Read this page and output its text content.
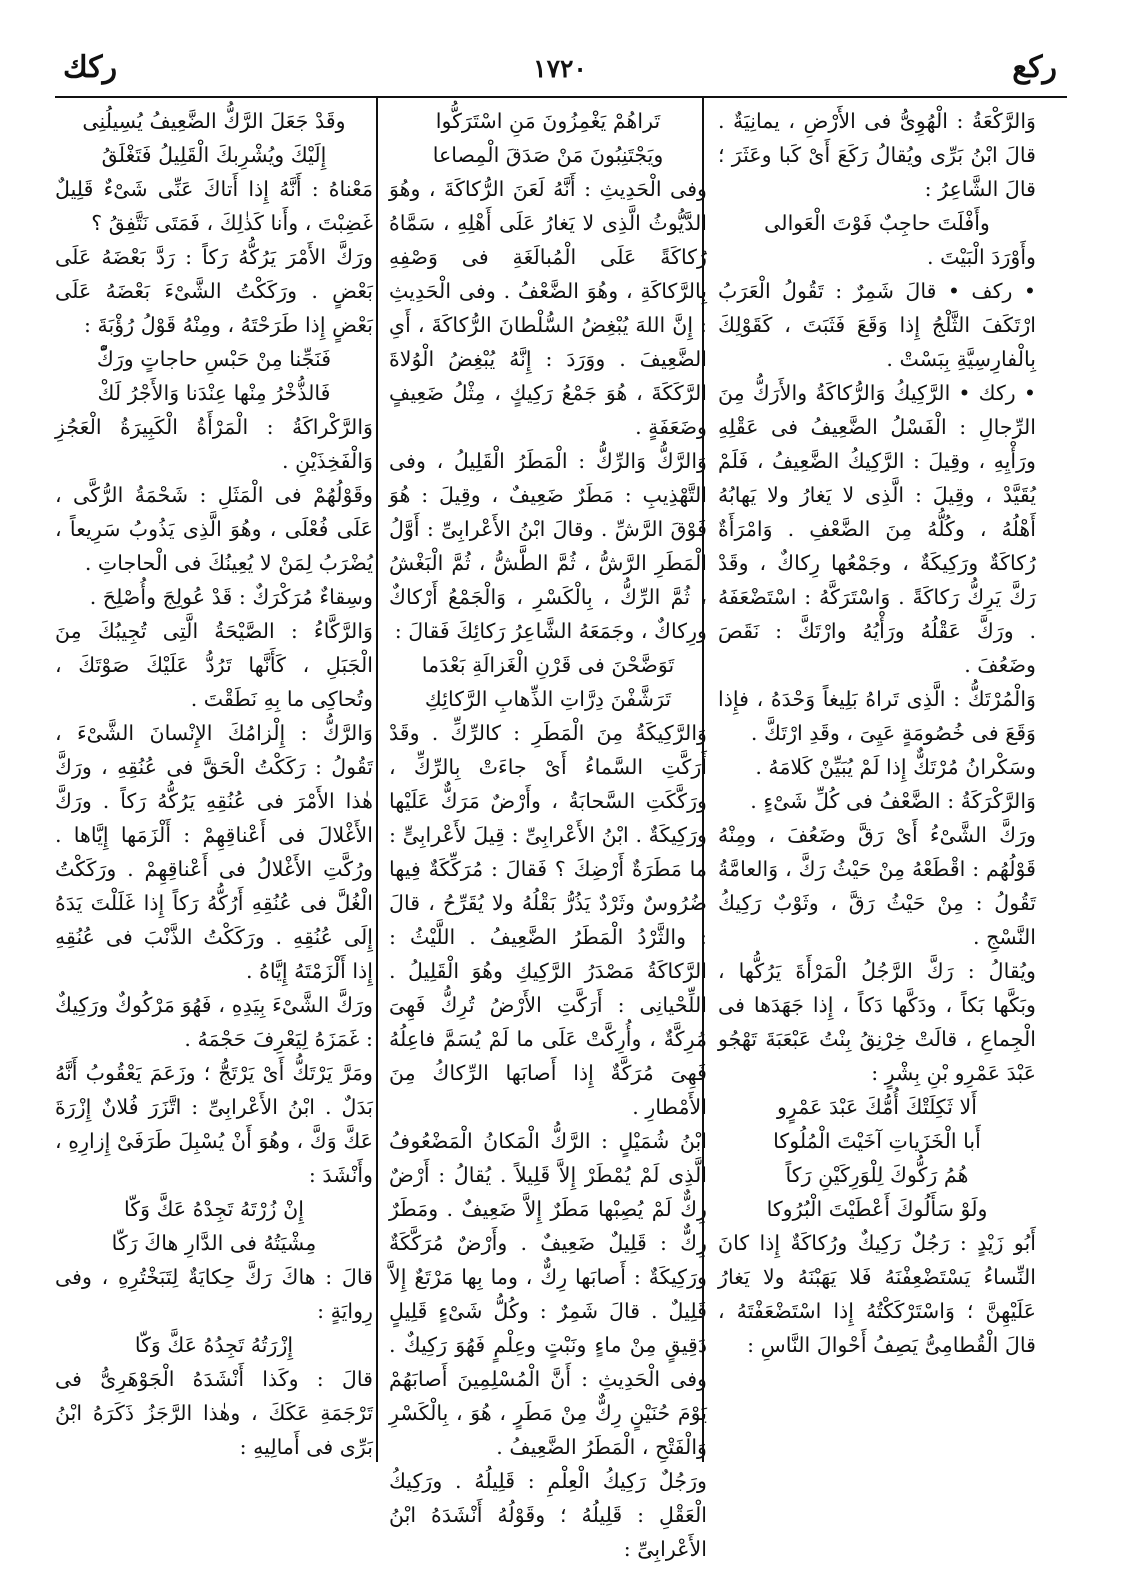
ركك	١٧٢٠	ركع

وَالرَّكْعَةُ : الْهُوِىُّ فى الأَرْضِ ، يمانِيَةٌ . قالَ ابْنُ بَرِّى ويُقالُ رَكَعَ أَىْ كَبا وعَثَرَ ؛ قالَ الشَّاعِرُ :

وأَفْلَتَ حاجِبٌ فَوْتَ الْعَوالى

وأَوْرَدَ الْبَيْتَ .

• ركف • قالَ شَمِرٌ : تَقُولُ الْعَرَبُ ارْتَكَفَ الثَّلْجُ إِذا وَقَعَ فَثَبَتَ ، كَقَوْلِكَ بِالْفارِسِيَّةِ بِبَسْتْ .

• ركك • الرَّكِيكُ وَالرُّكاكَةُ والأَرَكُّ مِنَ الرِّجالِ : الْفَسْلُ الضَّعِيفُ فى عَقْلِهِ ورَأْيِهِ ، وقِيلَ : الرَّكِيكُ الضَّعِيفُ ، فَلَمْ يُقَيَّدْ ، وقِيلَ : الَّذِى لا يَغارُ ولا يَهابُهُ أَهْلُهُ ، وكُلُّهُ مِنَ الضَّعْفِ . وَامْرَأَةٌ رُكاكَةٌ ورَكِيكَةٌ ، وجَمْعُها رِكاكٌ ، وقَدْ رَكَّ يَرِكُّ رَكاكَةً . وَاسْتَرَكَّهُ : اسْتَضْعَفَهُ . ورَكَّ عَقْلُهُ ورَأْيُهُ وارْتَكَّ : نَقَصَ وضَعُفَ .

وَالْمُرْتَكُّ : الَّذِى تَراهُ بَلِيغاً وَحْدَهُ ، فإِذا وَقَعَ فى خُصُومَةٍ عَيِىَ ، وقَدِ ارْتَكَّ .

وسَكْرانُ مُرْتَكٌّ إِذا لَمْ يُبَيِّنْ كَلامَهُ .

وَالرَّكْرَكَةُ : الضَّعْفُ فى كُلِّ شَىْءٍ .

ورَكَّ الشَّىْءُ أَىْ رَقَّ وضَعُفَ ، ومِنْهُ قَوْلُهُم : اقْطَعْهُ مِنْ حَيْثُ رَكَّ ، وَالعامَّةُ تَقُولُ : مِنْ حَيْثُ رَقَّ ، وثَوْبٌ رَكِيكُ النَّسْجِ .

ويُقالُ : رَكَّ الرَّجُلُ الْمَرْأَةَ يَرُكُّها ، وبَكَّها بَكاً ، ودَكَّها دَكاً ، إِذا جَهَدَها فى الْجِماعِ ، قالَتْ خِرْنِقُ بِنْتُ عَبْعَبَةَ تَهْجُو عَبْدَ عَمْرِو بْنِ بِشْرٍ :

أَلا ثَكِلَتْكَ أُمُّكَ عَبْدَ عَمْرٍو

أَبا الْخَزَياتِ آخَيْتَ الْمُلُوكا

هُمُ رَكُّوكَ لِلْوَرِكَيْنِ رَكاً

ولَوْ سَأَلُوكَ أَعْطَيْتَ الْبُرُوكا

أَبُو زَيْدٍ : رَجُلٌ رَكِيكٌ ورُكاكَةٌ إِذا كانَ النِّساءُ يَسْتَضْعِفْنَهُ فَلا يَهَبْنَهُ ولا يَغارُ عَلَيْهِنَّ ؛ وَاسْتَرْكَكْتُهُ إِذا اسْتَضْعَفْتَهُ ، قالَ الْقُطامِىُّ يَصِفُ أَحْوالَ النَّاسِ :

تَراهُمْ يَغْمِزُونَ مَنِ اسْتَرَكُّوا

ويَجْتَنِبُونَ مَنْ صَدَقَ الْمِصاعا

وفى الْحَدِيثِ : أَنَّهُ لَعَنَ الرُّكاكَةَ ، وهُوَ الدَّيُّوثُ الَّذِى لا يَغارُ عَلَى أَهْلِهِ ، سَمَّاهُ رُكاكَةً عَلَى الْمُبالَغَةِ فى وَصْفِهِ بِالرَّكاكَةِ ، وهُوَ الضَّعْفُ . وفى الْحَدِيثِ : إِنَّ اللهَ يُبْغِضُ السُّلْطانَ الرُّكاكَةَ ، أَىِ الضَّعِيفَ . ووَرَدَ : إِنَّهُ يُبْغِضُ الْوُلاةَ الرَّكَكَةَ ، هُوَ جَمْعُ رَكِيكٍ ، مِثْلُ ضَعِيفٍ وضَعَفَةٍ .

وَالرَّكُّ وَالرِّكُّ : الْمَطَرُ الْقَلِيلُ ، وفى التَّهْذِيبِ : مَطَرٌ ضَعِيفٌ ، وقِيلَ : هُوَ فَوْقَ الرَّشِّ . وقالَ ابْنُ الأَعْرابِىِّ : أَوَّلُ الْمَطَرِ الرَّشُّ ، ثُمَّ الطَّشُّ ، ثُمَّ الْبَغْشُ ، ثُمَّ الرِّكُّ ، بِالْكَسْرِ ، وَالْجَمْعُ أَرْكاكٌ ورِكاكٌ ، وجَمَعَهُ الشَّاعِرُ رَكائِكَ فَقالَ :

تَوَضَّحْنَ فى قَرْنِ الْغَزالَةِ بَعْدَما

تَرَشَّفْنَ دِرَّاتِ الذِّهابِ الرَّكائِكِ

وَالرَّكِيكَةُ مِنَ الْمَطَرِ : كالرِّكِّ . وقَدْ أَرَكَّتِ السَّماءُ أَىْ جاءَتْ بِالرِّكِّ ، ورَكَّكَتِ السَّحابَةُ ، وأَرْضٌ مَرَكٌّ عَلَيْها ورَكِيكَةٌ . ابْنُ الأَعْرابِىِّ : قِيلَ لأَعْرابِىٍّ : ما مَطَرَةٌ أَرْضِكَ ؟ فَقالَ : مُرَكِّكَةٌ فِيها ضُرُوسٌ وثَرْدٌ يَذُرُّ بَقْلُهُ ولا يُقَرِّحُ ، قالَ : والثَّرْدُ الْمَطَرُ الضَّعِيفُ . اللَّيْثُ : الرَّكاكَةُ مَصْدَرُ الرَّكِيكِ وهُوَ الْقَلِيلُ . اللِّحْيانِى : أَرَكَّتِ الأَرْضُ تُرِكُّ فَهِىَ مُرِكَّةٌ ، وأُرِكَّتْ عَلَى ما لَمْ يُسَمَّ فاعِلُهُ فَهِىَ مُرَكَّةٌ إِذا أَصابَها الرِّكاكُ مِنَ الأَمْطارِ .

ابْنُ شُمَيْلٍ : الرَّكُّ الْمَكانُ الْمَضْعُوفُ الَّذِى لَمْ يُمْطَرْ إِلاَّ قَلِيلاً . يُقالُ : أَرْضٌ رِكٌّ لَمْ يُصِبْها مَطَرٌ إِلاَّ ضَعِيفٌ . ومَطَرٌ رِكٌّ : قَلِيلٌ ضَعِيفٌ . وأَرْضٌ مُرَكَّكَةٌ ورَكِيكَةٌ : أَصابَها رِكٌّ ، وما بِها مَرْتَعٌ إِلاَّ قَلِيلٌ . قالَ شَمِرٌ : وكُلُّ شَىْءٍ قَلِيلٍ دَقِيقٍ مِنْ ماءٍ ونَبْتٍ وعِلْمٍ فَهُوَ رَكِيكٌ . وفى الْحَدِيثِ : أَنَّ الْمُسْلِمِينَ أَصابَهُمْ يَوْمَ حُنَيْنٍ رِكٌّ مِنْ مَطَرٍ ، هُوَ ، بِالْكَسْرِ وَالْفَتْحِ ، الْمَطَرُ الضَّعِيفُ .

ورَجُلٌ رَكِيكُ الْعِلْمِ : قَلِيلُهُ . ورَكِيكُ الْعَقْلِ : قَلِيلُهُ ؛ وقَوْلُهُ أَنْشَدَهُ ابْنُ الأَعْرابِىِّ :

وقَدْ جَعَلَ الرَّكُّ الضَّعِيفُ يُسِيلُنِى

إِلَيْكَ ويُشْرِبكَ الْقَلِيلُ فَتَغْلَقُ

مَعْناهُ : أَنَّهُ إِذا أَتاكَ عَنِّى شَىْءٌ قَلِيلٌ غَضِبْتَ ، وأَنا كَذٰلِكَ ، فَمَتَى نَتَّفِقُ ؟

ورَكَّ الأَمْرَ يَرُكُّهُ رَكاً : رَدَّ بَعْضَهُ عَلَى بَعْضٍ . ورَكَكْتُ الشَّىْءَ بَعْضَهُ عَلَى بَعْضٍ إِذا طَرَحْتَهُ ، ومِنْهُ قَوْلُ رُؤْبَةَ :

فَنَجِّنا مِنْ حَبْسِ حاجاتٍ ورَكّْ

فَالذُّخْرُ مِنْها عِنْدَنا وَالأَجْرُ لَكْ

وَالرَّكْراكَةُ : الْمَرْأَةُ الْكَبِيرَةُ الْعَجُزِ وَالْفَخِذَيْنِ .

وقَوْلُهُمْ فى الْمَثَلِ : شَحْمَةُ الرُّكَّى ، عَلَى فُعْلَى ، وهُوَ الَّذِى يَذُوبُ سَرِيعاً ، يُضْرَبُ لِمَنْ لا يُعِينُكَ فى الْحاجاتِ .

وسِقاءٌ مُرَكْرَكٌ : قَدْ عُولِجَ وأُصْلِحَ .

وَالرَّكَّاءُ : الصَّيْحَةُ الَّتِى تُجِيبُكَ مِنَ الْجَبَلِ ، كَأَنَّها تَرُدُّ عَلَيْكَ صَوْتَكَ ، وتُحاكِى ما بِهِ نَطَقْتَ .

وَالرَّكُّ : إِلْزامُكَ الإِنْسانَ الشَّىْءَ ، تَقُولُ : رَكَكْتُ الْحَقَّ فى عُنُقِهِ ، ورَكَّ هٰذا الأَمْرَ فى عُنُقِهِ يَرُكُّهُ رَكاً . ورَكَّ الأَغْلالَ فى أَعْناقِهِمْ : أَلْزَمَها إِيَّاها . ورُكَّتِ الأَغْلالُ فى أَعْناقِهِمْ . ورَكَكْتُ الْغُلَّ فى عُنُقِهِ أَرُكُّهُ رَكاً إِذا غَلَلْتَ يَدَهُ إِلَى عُنُقِهِ . ورَكَكْتُ الذَّنْبَ فى عُنُقِهِ إِذا أَلْزَمْتَهُ إِيَّاهُ .

ورَكَّ الشَّىْءَ بِيَدِهِ ، فَهُوَ مَرْكُوكٌ ورَكِيكٌ : غَمَزَهُ لِيَعْرِفَ حَجْمَهُ .

ومَرَّ يَرْتَكُّ أَىْ يَرْتَجُّ ؛ وزَعَمَ يَعْقُوبُ أَنَّهُ بَدَلٌ . ابْنُ الأَعْرابِىِّ : اتَّزَرَ فُلانٌ إِزْرَةَ عَكَّ وَكَّ ، وهُوَ أَنْ يُسْبِلَ طَرَفَىْ إِزارِهِ ، وأَنْشَدَ :

إِنْ زُرْتَهُ تَجِدْهُ عَكَّ وَكّا

مِشْيَتُهُ فى الدَّارِ هاكَ رَكّا

قالَ : هاكَ رَكَّ حِكايَةٌ لِتَبَخْتُرِهِ ، وفى رِوايَةٍ :

إِزْرَتُهُ تَجِدُهُ عَكَّ وَكّا

قالَ : وكَذا أَنْشَدَهُ الْجَوْهَرِىُّ فى تَرْجَمَةِ عَكَكَ ، وهٰذا الرَّجَزُ ذَكَرَهُ ابْنُ بَرِّى فى أَمالِيهِ :
